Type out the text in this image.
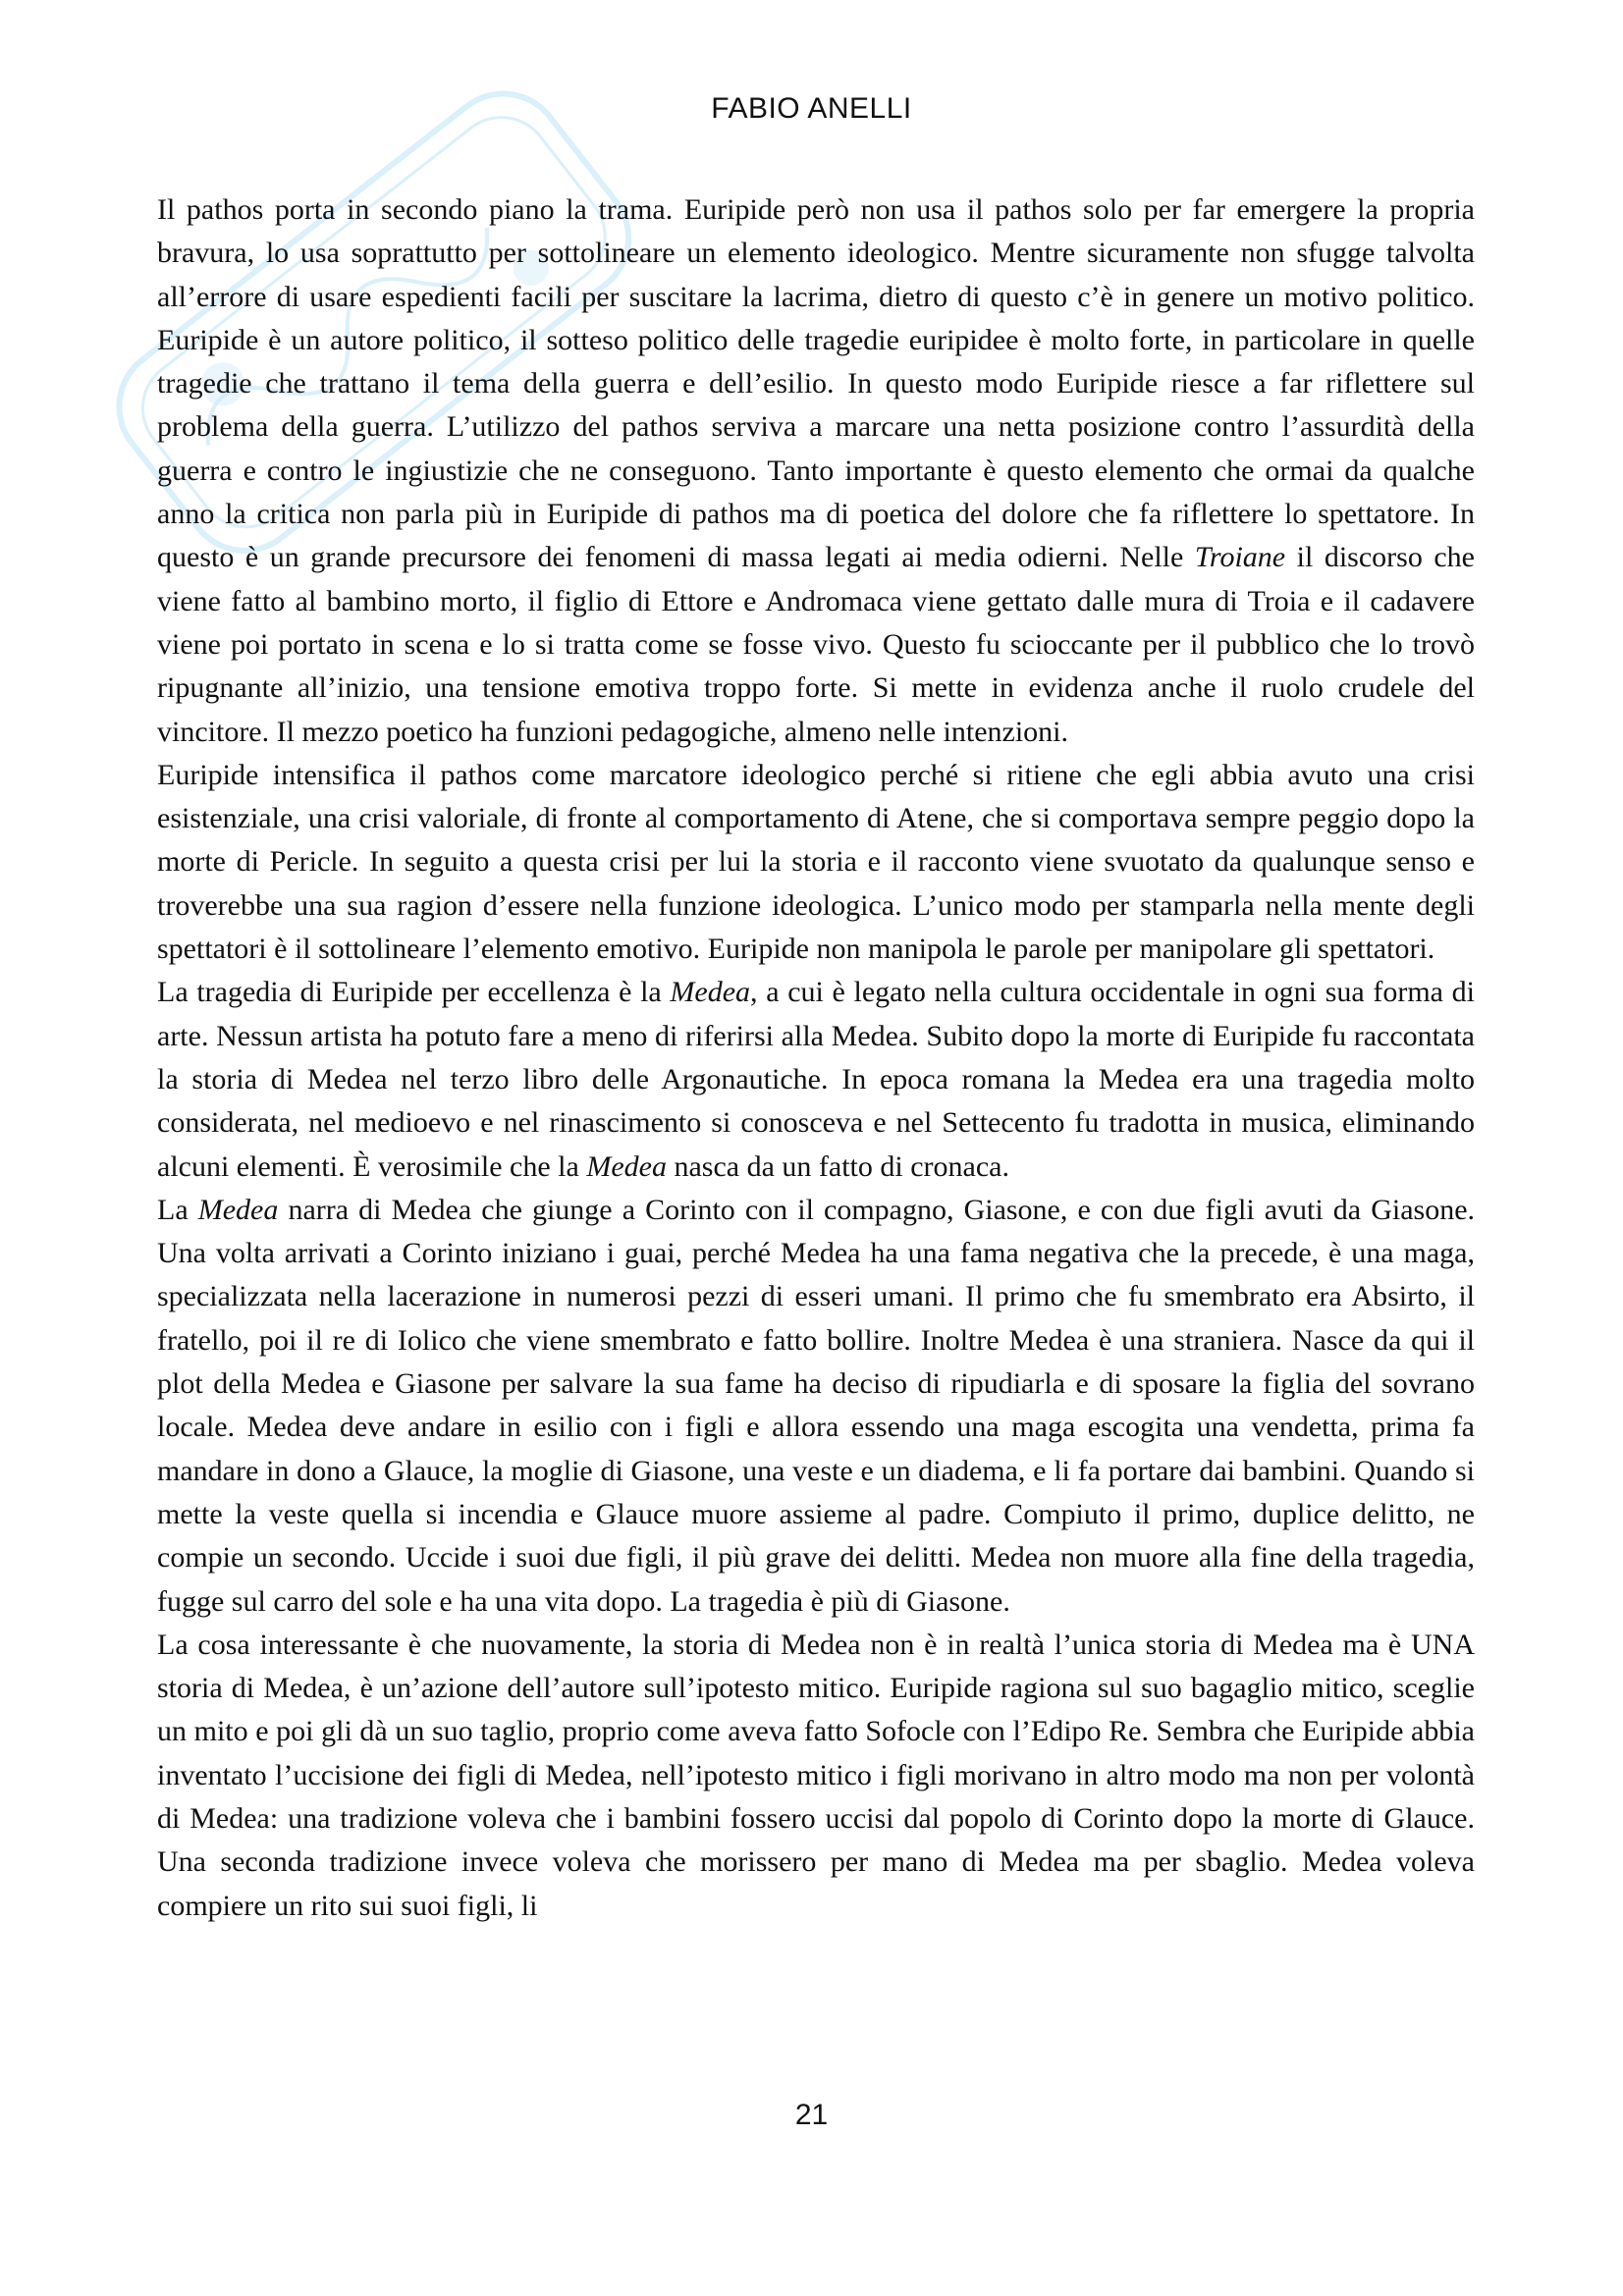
FABIO ANELLI

Il pathos porta in secondo piano la trama. Euripide però non usa il pathos solo per far emergere la propria bravura, lo usa soprattutto per sottolineare un elemento ideologico. Mentre sicuramente non sfugge talvolta all’errore di usare espedienti facili per suscitare la lacrima, dietro di questo c’è in genere un motivo politico. Euripide è un autore politico, il sotteso politico delle tragedie euripidee è molto forte, in particolare in quelle tragedie che trattano il tema della guerra e dell’esilio. In questo modo Euripide riesce a far riflettere sul problema della guerra. L’utilizzo del pathos serviva a marcare una netta posizione contro l’assurdità della guerra e contro le ingiustizie che ne conseguono. Tanto importante è questo elemento che ormai da qualche anno la critica non parla più in Euripide di pathos ma di poetica del dolore che fa riflettere lo spettatore. In questo è un grande precursore dei fenomeni di massa legati ai media odierni. Nelle Troiane il discorso che viene fatto al bambino morto, il figlio di Ettore e Andromaca viene gettato dalle mura di Troia e il cadavere viene poi portato in scena e lo si tratta come se fosse vivo. Questo fu scioccante per il pubblico che lo trovò ripugnante all’inizio, una tensione emotiva troppo forte. Si mette in evidenza anche il ruolo crudele del vincitore. Il mezzo poetico ha funzioni pedagogiche, almeno nelle intenzioni.

Euripide intensifica il pathos come marcatore ideologico perché si ritiene che egli abbia avuto una crisi esistenziale, una crisi valoriale, di fronte al comportamento di Atene, che si comportava sempre peggio dopo la morte di Pericle. In seguito a questa crisi per lui la storia e il racconto viene svuotato da qualunque senso e troverebbe una sua ragion d’essere nella funzione ideologica. L’unico modo per stamparla nella mente degli spettatori è il sottolineare l’elemento emotivo. Euripide non manipola le parole per manipolare gli spettatori.

La tragedia di Euripide per eccellenza è la Medea, a cui è legato nella cultura occidentale in ogni sua forma di arte. Nessun artista ha potuto fare a meno di riferirsi alla Medea. Subito dopo la morte di Euripide fu raccontata la storia di Medea nel terzo libro delle Argonautiche. In epoca romana la Medea era una tragedia molto considerata, nel medioevo e nel rinascimento si conosceva e nel Settecento fu tradotta in musica, eliminando alcuni elementi. È verosimile che la Medea nasca da un fatto di cronaca.

La Medea narra di Medea che giunge a Corinto con il compagno, Giasone, e con due figli avuti da Giasone. Una volta arrivati a Corinto iniziano i guai, perché Medea ha una fama negativa che la precede, è una maga, specializzata nella lacerazione in numerosi pezzi di esseri umani. Il primo che fu smembrato era Absirto, il fratello, poi il re di Iolico che viene smembrato e fatto bollire. Inoltre Medea è una straniera. Nasce da qui il plot della Medea e Giasone per salvare la sua fame ha deciso di ripudiarla e di sposare la figlia del sovrano locale. Medea deve andare in esilio con i figli e allora essendo una maga escogita una vendetta, prima fa mandare in dono a Glauce, la moglie di Giasone, una veste e un diadema, e li fa portare dai bambini. Quando si mette la veste quella si incendia e Glauce muore assieme al padre. Compiuto il primo, duplice delitto, ne compie un secondo. Uccide i suoi due figli, il più grave dei delitti. Medea non muore alla fine della tragedia, fugge sul carro del sole e ha una vita dopo. La tragedia è più di Giasone.

La cosa interessante è che nuovamente, la storia di Medea non è in realtà l’unica storia di Medea ma è UNA storia di Medea, è un’azione dell’autore sull’ipotesto mitico. Euripide ragiona sul suo bagaglio mitico, sceglie un mito e poi gli dà un suo taglio, proprio come aveva fatto Sofocle con l’Edipo Re. Sembra che Euripide abbia inventato l’uccisione dei figli di Medea, nell’ipotesto mitico i figli morivano in altro modo ma non per volontà di Medea: una tradizione voleva che i bambini fossero uccisi dal popolo di Corinto dopo la morte di Glauce. Una seconda tradizione invece voleva che morissero per mano di Medea ma per sbaglio. Medea voleva compiere un rito sui suoi figli, li

21
